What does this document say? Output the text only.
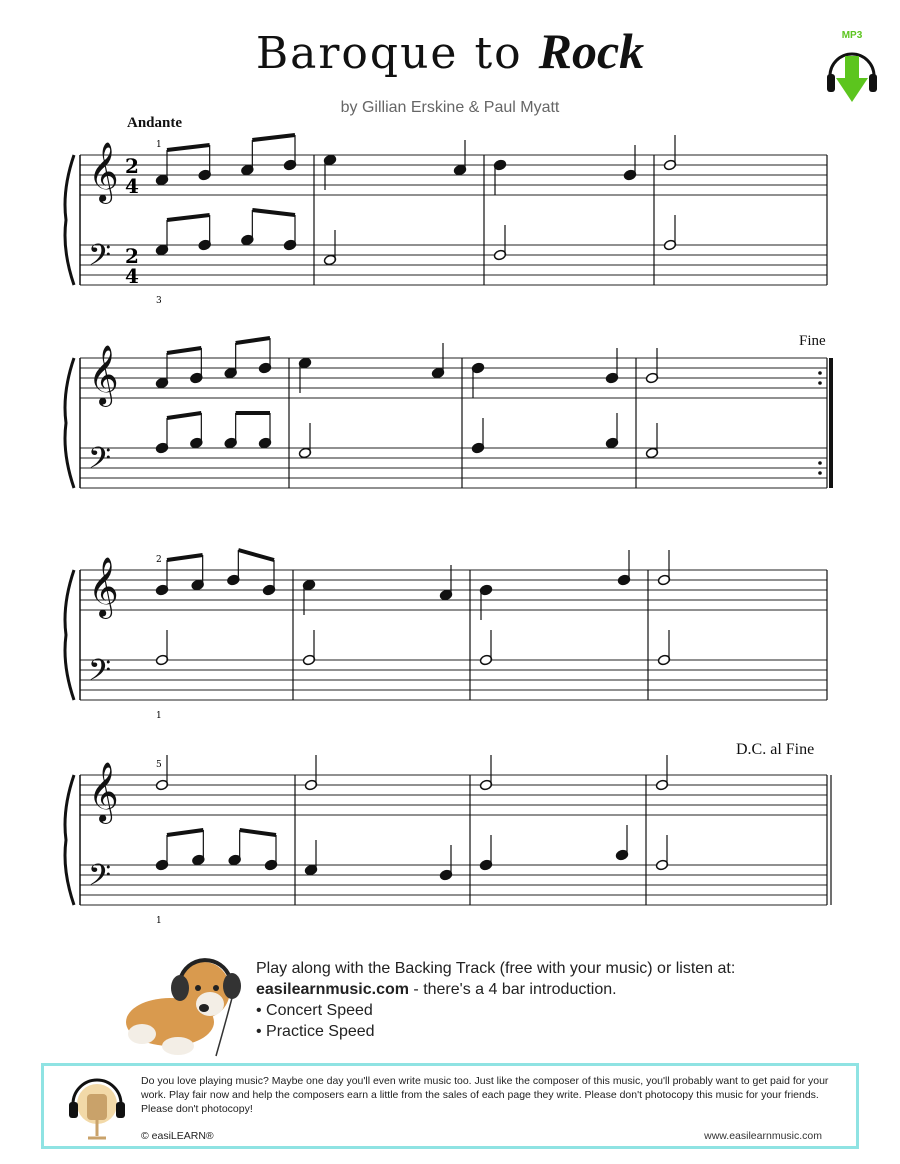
Baroque to Rock
by Gillian Erskine & Paul Myatt
MP3
𝄞 2
4
𝄢 2
4
1
3
𝄞
𝄢
𝄞
𝄢
2
1
𝄞
𝄢
5
1
Andante
Fine
D.C. al Fine
Play along with the Backing Track (free with your music) or listen at:
easilearnmusic.com - there's a 4 bar introduction.
• Concert Speed
• Practice Speed
Do you love playing music? Maybe one day you'll even write music too. Just like the composer of this music, you'll probably want to get paid for your work. Play fair now and help the composers earn a little from the sales of each page they write. Please don't photocopy this music for your friends. Please don't photocopy!
© easiLEARN®	www.easilearnmusic.com
